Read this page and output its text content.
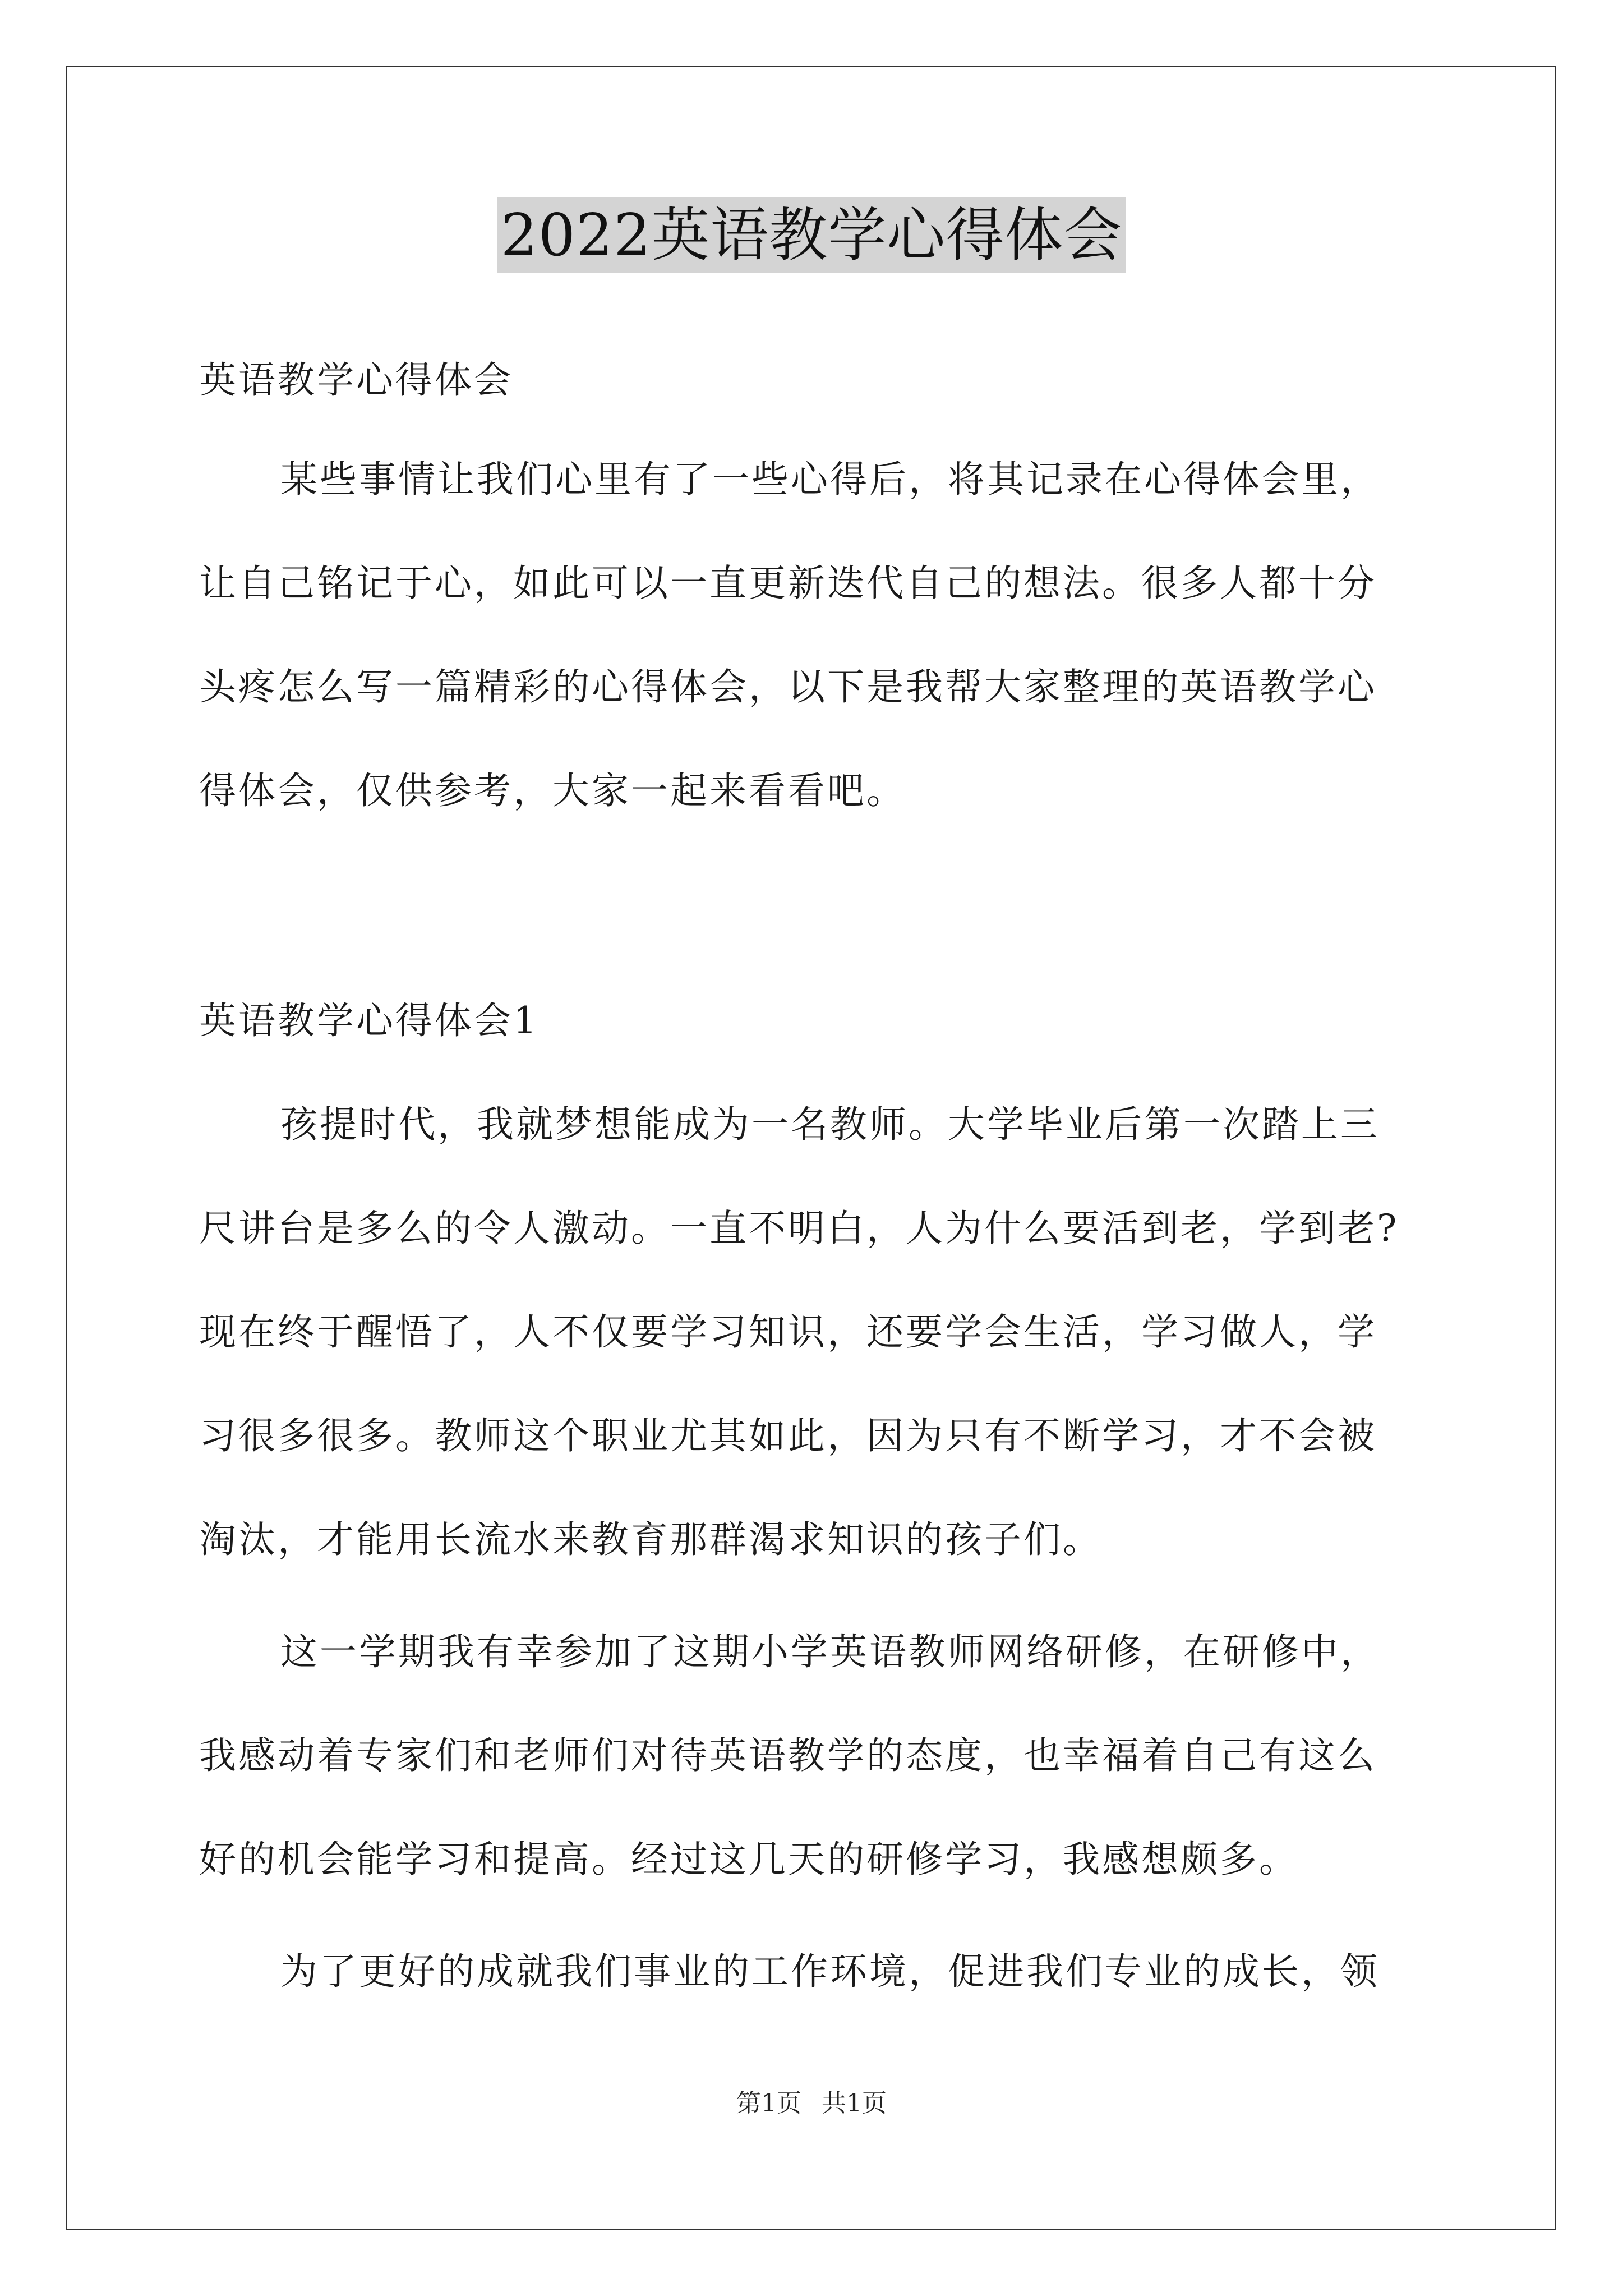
2022英语教学心得体会
英语教学心得体会
某些事情让我们心里有了一些心得后，将其记录在心得体会里，
让自己铭记于心，如此可以一直更新迭代自己的想法。很多人都十分
头疼怎么写一篇精彩的心得体会，以下是我帮大家整理的英语教学心
得体会，仅供参考，大家一起来看看吧。
英语教学心得体会1
孩提时代，我就梦想能成为一名教师。大学毕业后第一次踏上三
尺讲台是多么的令人激动。一直不明白，人为什么要活到老，学到老?
现在终于醒悟了，人不仅要学习知识，还要学会生活，学习做人，学
习很多很多。教师这个职业尤其如此，因为只有不断学习，才不会被
淘汰，才能用长流水来教育那群渴求知识的孩子们。
这一学期我有幸参加了这期小学英语教师网络研修，在研修中，
我感动着专家们和老师们对待英语教学的态度，也幸福着自己有这么
好的机会能学习和提高。经过这几天的研修学习，我感想颇多。
为了更好的成就我们事业的工作环境，促进我们专业的成长，领
第1页 共1页
